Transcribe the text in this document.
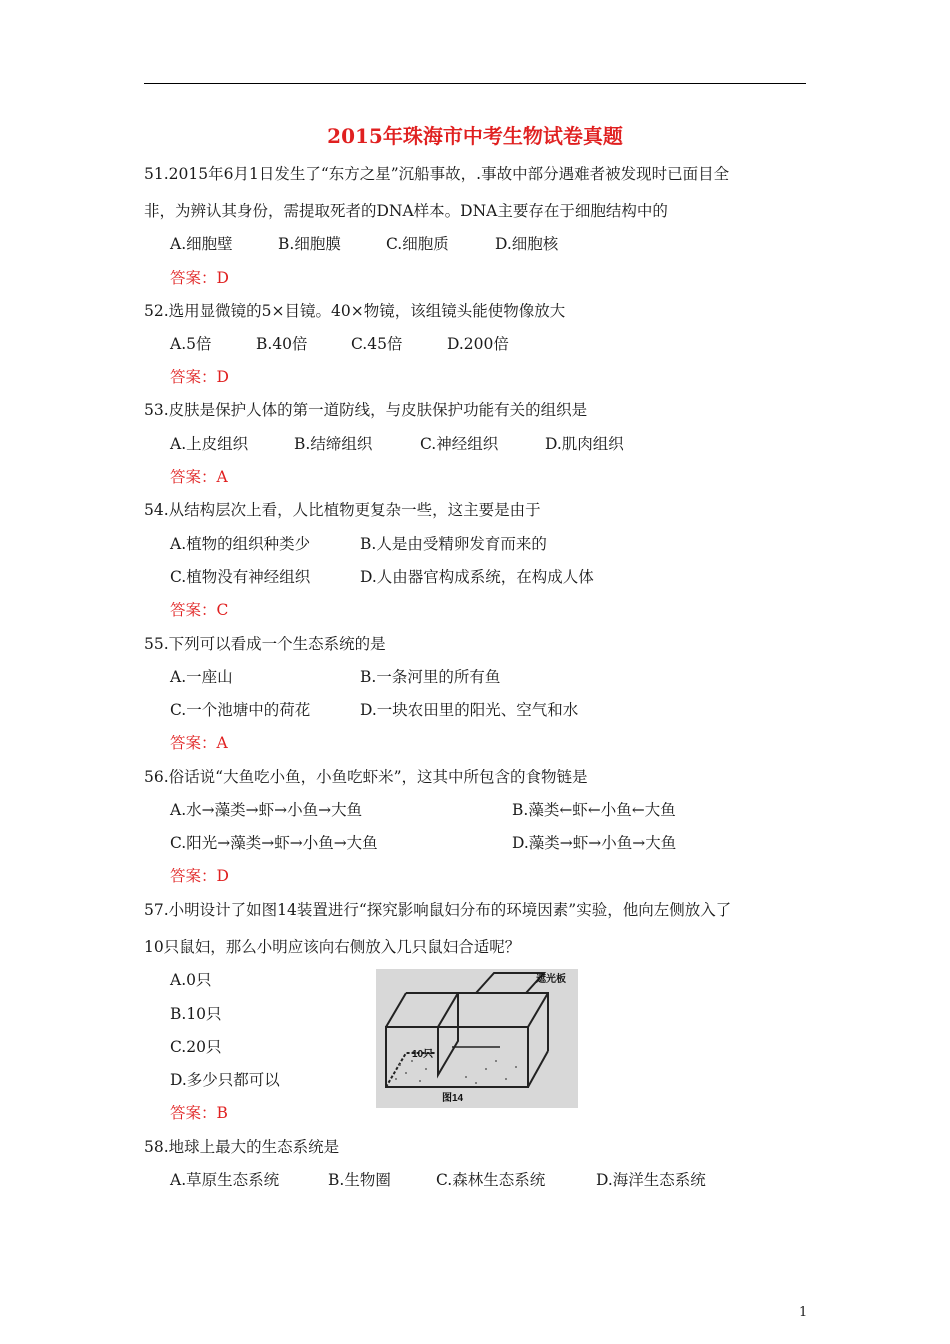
2015年珠海市中考生物试卷真题
51.2015年6月1日发生了“东方之星”沉船事故，.事故中部分遇难者被发现时已面目全
非，为辨认其身份，需提取死者的DNA样本。DNA主要存在于细胞结构中的
A.细胞壁	B.细胞膜	C.细胞质	D.细胞核
答案：D
52.选用显微镜的5×目镜。40×物镜，该组镜头能使物像放大
A.5倍	B.40倍	C.45倍	D.200倍
答案：D
53.皮肤是保护人体的第一道防线，与皮肤保护功能有关的组织是
A.上皮组织	B.结缔组织	C.神经组织	D.肌肉组织
答案：A
54.从结构层次上看，人比植物更复杂一些，这主要是由于
A.植物的组织种类少	B.人是由受精卵发育而来的
C.植物没有神经组织	D.人由器官构成系统，在构成人体
答案：C
55.下列可以看成一个生态系统的是
A.一座山	B.一条河里的所有鱼
C.一个池塘中的荷花	D.一块农田里的阳光、空气和水
答案：A
56.俗话说“大鱼吃小鱼，小鱼吃虾米”，这其中所包含的食物链是
A.水→藻类→虾→小鱼→大鱼	B.藻类←虾←小鱼←大鱼
C.阳光→藻类→虾→小鱼→大鱼	D.藻类→虾→小鱼→大鱼
答案：D
57.小明设计了如图14装置进行“探究影响鼠妇分布的环境因素”实验，他向左侧放入了
10只鼠妇，那么小明应该向右侧放入几只鼠妇合适呢？
A.0只
B.10只
C.20只
D.多少只都可以
答案：B
遮光板
10只
图14
58.地球上最大的生态系统是
A.草原生态系统	B.生物圈	C.森林生态系统	D.海洋生态系统
1
